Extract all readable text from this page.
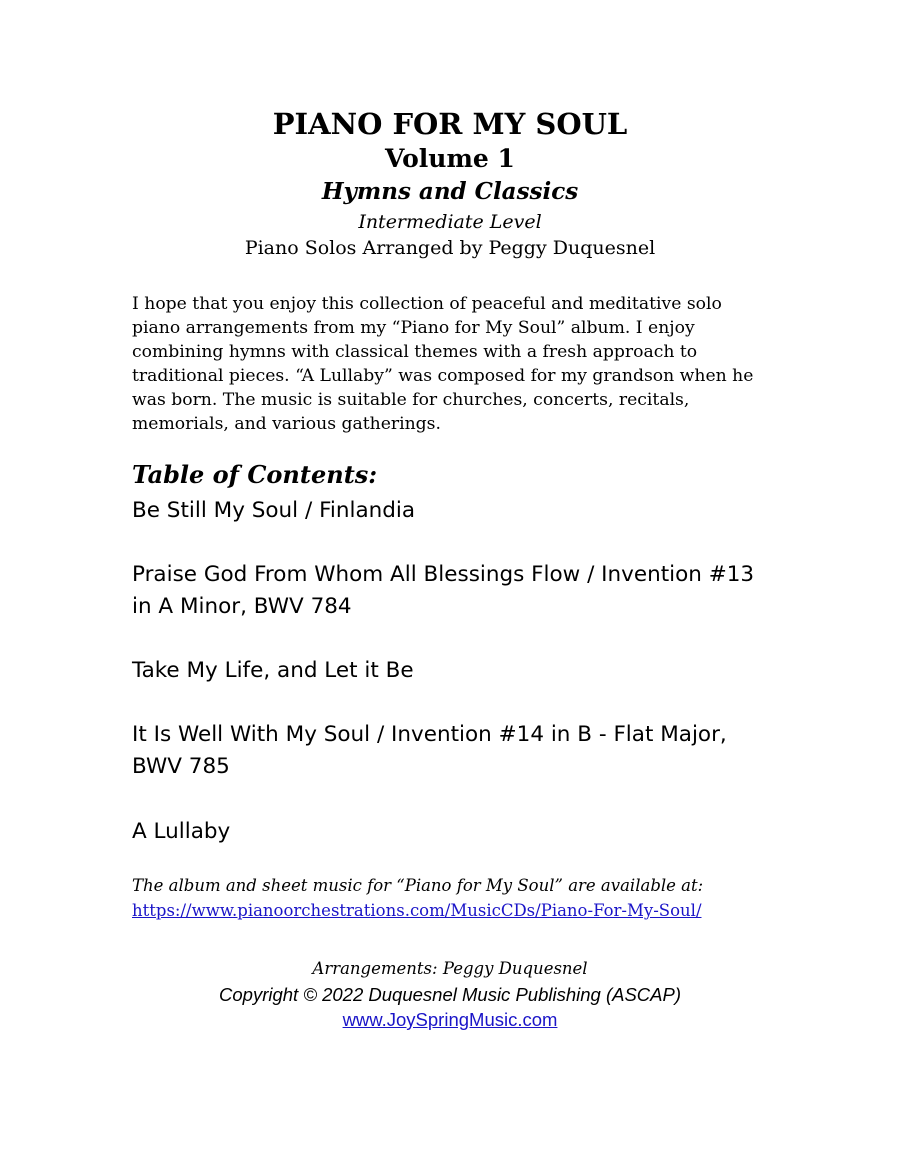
PIANO FOR MY SOUL
Volume 1
Hymns and Classics
Intermediate Level
Piano Solos Arranged by Peggy Duquesnel
I hope that you enjoy this collection of peaceful and meditative solo
piano arrangements from my “Piano for My Soul” album. I enjoy
combining hymns with classical themes with a fresh approach to
traditional pieces. “A Lullaby” was composed for my grandson when he
was born. The music is suitable for churches, concerts, recitals,
memorials, and various gatherings.
Table of Contents:
Be Still My Soul / Finlandia
Praise God From Whom All Blessings Flow / Invention #13
in A Minor, BWV 784
Take My Life, and Let it Be
It Is Well With My Soul / Invention #14 in B - Flat Major,
BWV 785
A Lullaby
The album and sheet music for “Piano for My Soul” are available at:
https://www.pianoorchestrations.com/MusicCDs/Piano-For-My-Soul/
Arrangements: Peggy Duquesnel
Copyright © 2022 Duquesnel Music Publishing (ASCAP)
www.JoySpringMusic.com
